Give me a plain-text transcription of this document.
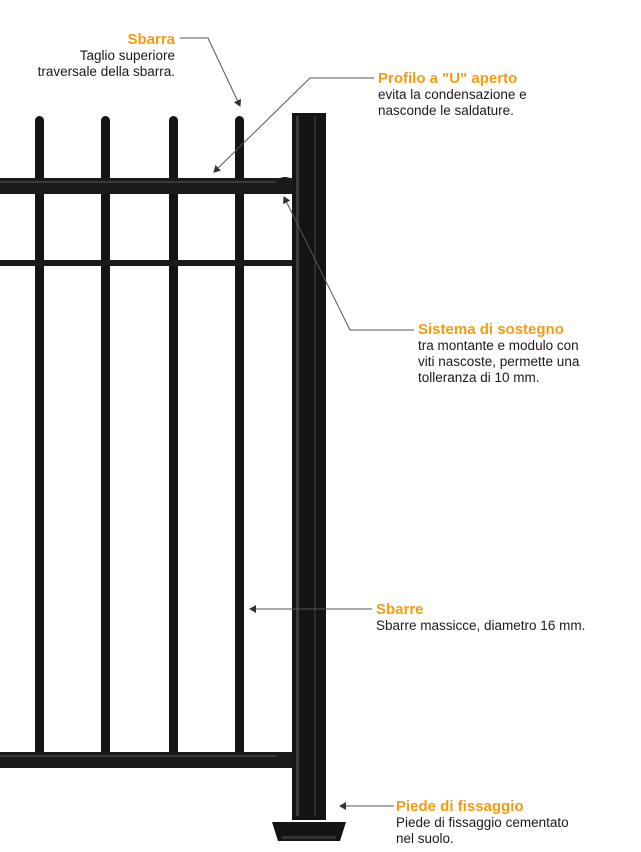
Sbarra
Taglio superiore
traversale della sbarra.	Profilo a "U" aperto
evita la condensazione e
nasconde le saldature.
Sistema di sostegno
tra montante e modulo con
viti nascoste, permette una
tolleranza di 10 mm.
Sbarre
Sbarre massicce, diametro 16 mm.
Piede di fissaggio
Piede di fissaggio cementato
nel suolo.
